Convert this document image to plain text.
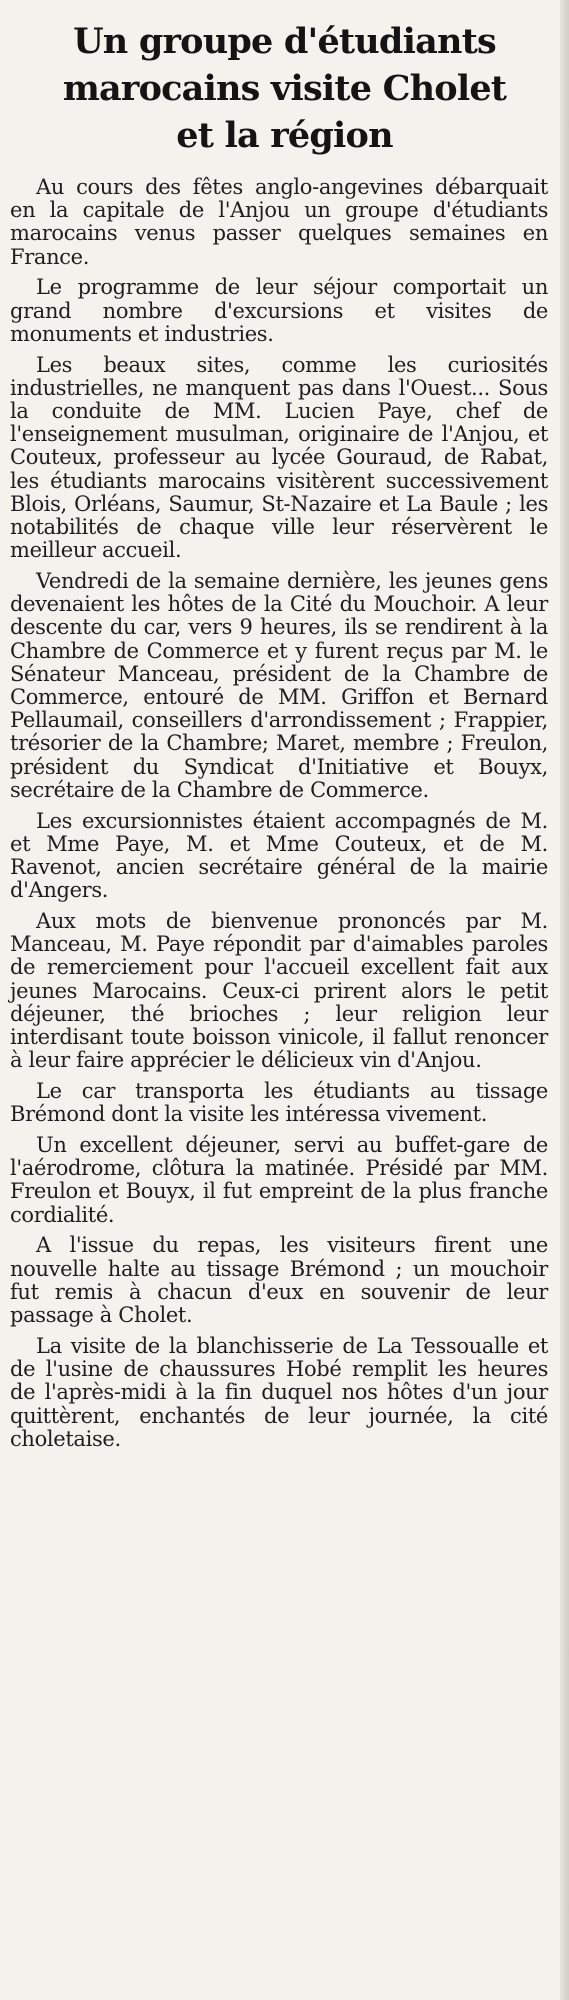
Un groupe d'étudiants
marocains visite Cholet
et la région

Au cours des fêtes anglo-angevines débarquait en la capitale de l'Anjou un groupe d'étudiants marocains venus passer quelques semaines en France.

Le programme de leur séjour comportait un grand nombre d'excursions et visites de monuments et industries.

Les beaux sites, comme les curiosités industrielles, ne manquent pas dans l'Ouest... Sous la conduite de MM. Lucien Paye, chef de l'enseignement musulman, originaire de l'Anjou, et Couteux, professeur au lycée Gouraud, de Rabat, les étudiants marocains visitèrent successivement Blois, Orléans, Saumur, St-Nazaire et La Baule ; les notabilités de chaque ville leur réservèrent le meilleur accueil.

Vendredi de la semaine dernière, les jeunes gens devenaient les hôtes de la Cité du Mouchoir. A leur descente du car, vers 9 heures, ils se rendirent à la Chambre de Commerce et y furent reçus par M. le Sénateur Manceau, président de la Chambre de Commerce, entouré de MM. Griffon et Bernard Pellaumail, conseillers d'arrondissement ; Frappier, trésorier de la Chambre; Maret, membre ; Freulon, président du Syndicat d'Initiative et Bouyx, secrétaire de la Chambre de Commerce.

Les excursionnistes étaient accompagnés de M. et Mme Paye, M. et Mme Couteux, et de M. Ravenot, ancien secrétaire général de la mairie d'Angers.

Aux mots de bienvenue prononcés par M. Manceau, M. Paye répondit par d'aimables paroles de remerciement pour l'accueil excellent fait aux jeunes Marocains. Ceux-ci prirent alors le petit déjeuner, thé brioches ; leur religion leur interdisant toute boisson vinicole, il fallut renoncer à leur faire apprécier le délicieux vin d'Anjou.

Le car transporta les étudiants au tissage Brémond dont la visite les intéressa vivement.

Un excellent déjeuner, servi au buffet-gare de l'aérodrome, clôtura la matinée. Présidé par MM. Freulon et Bouyx, il fut empreint de la plus franche cordialité.

A l'issue du repas, les visiteurs firent une nouvelle halte au tissage Brémond ; un mouchoir fut remis à chacun d'eux en souvenir de leur passage à Cholet.

La visite de la blanchisserie de La Tessoualle et de l'usine de chaussures Hobé remplit les heures de l'après-midi à la fin duquel nos hôtes d'un jour quittèrent, enchantés de leur journée, la cité choletaise.
